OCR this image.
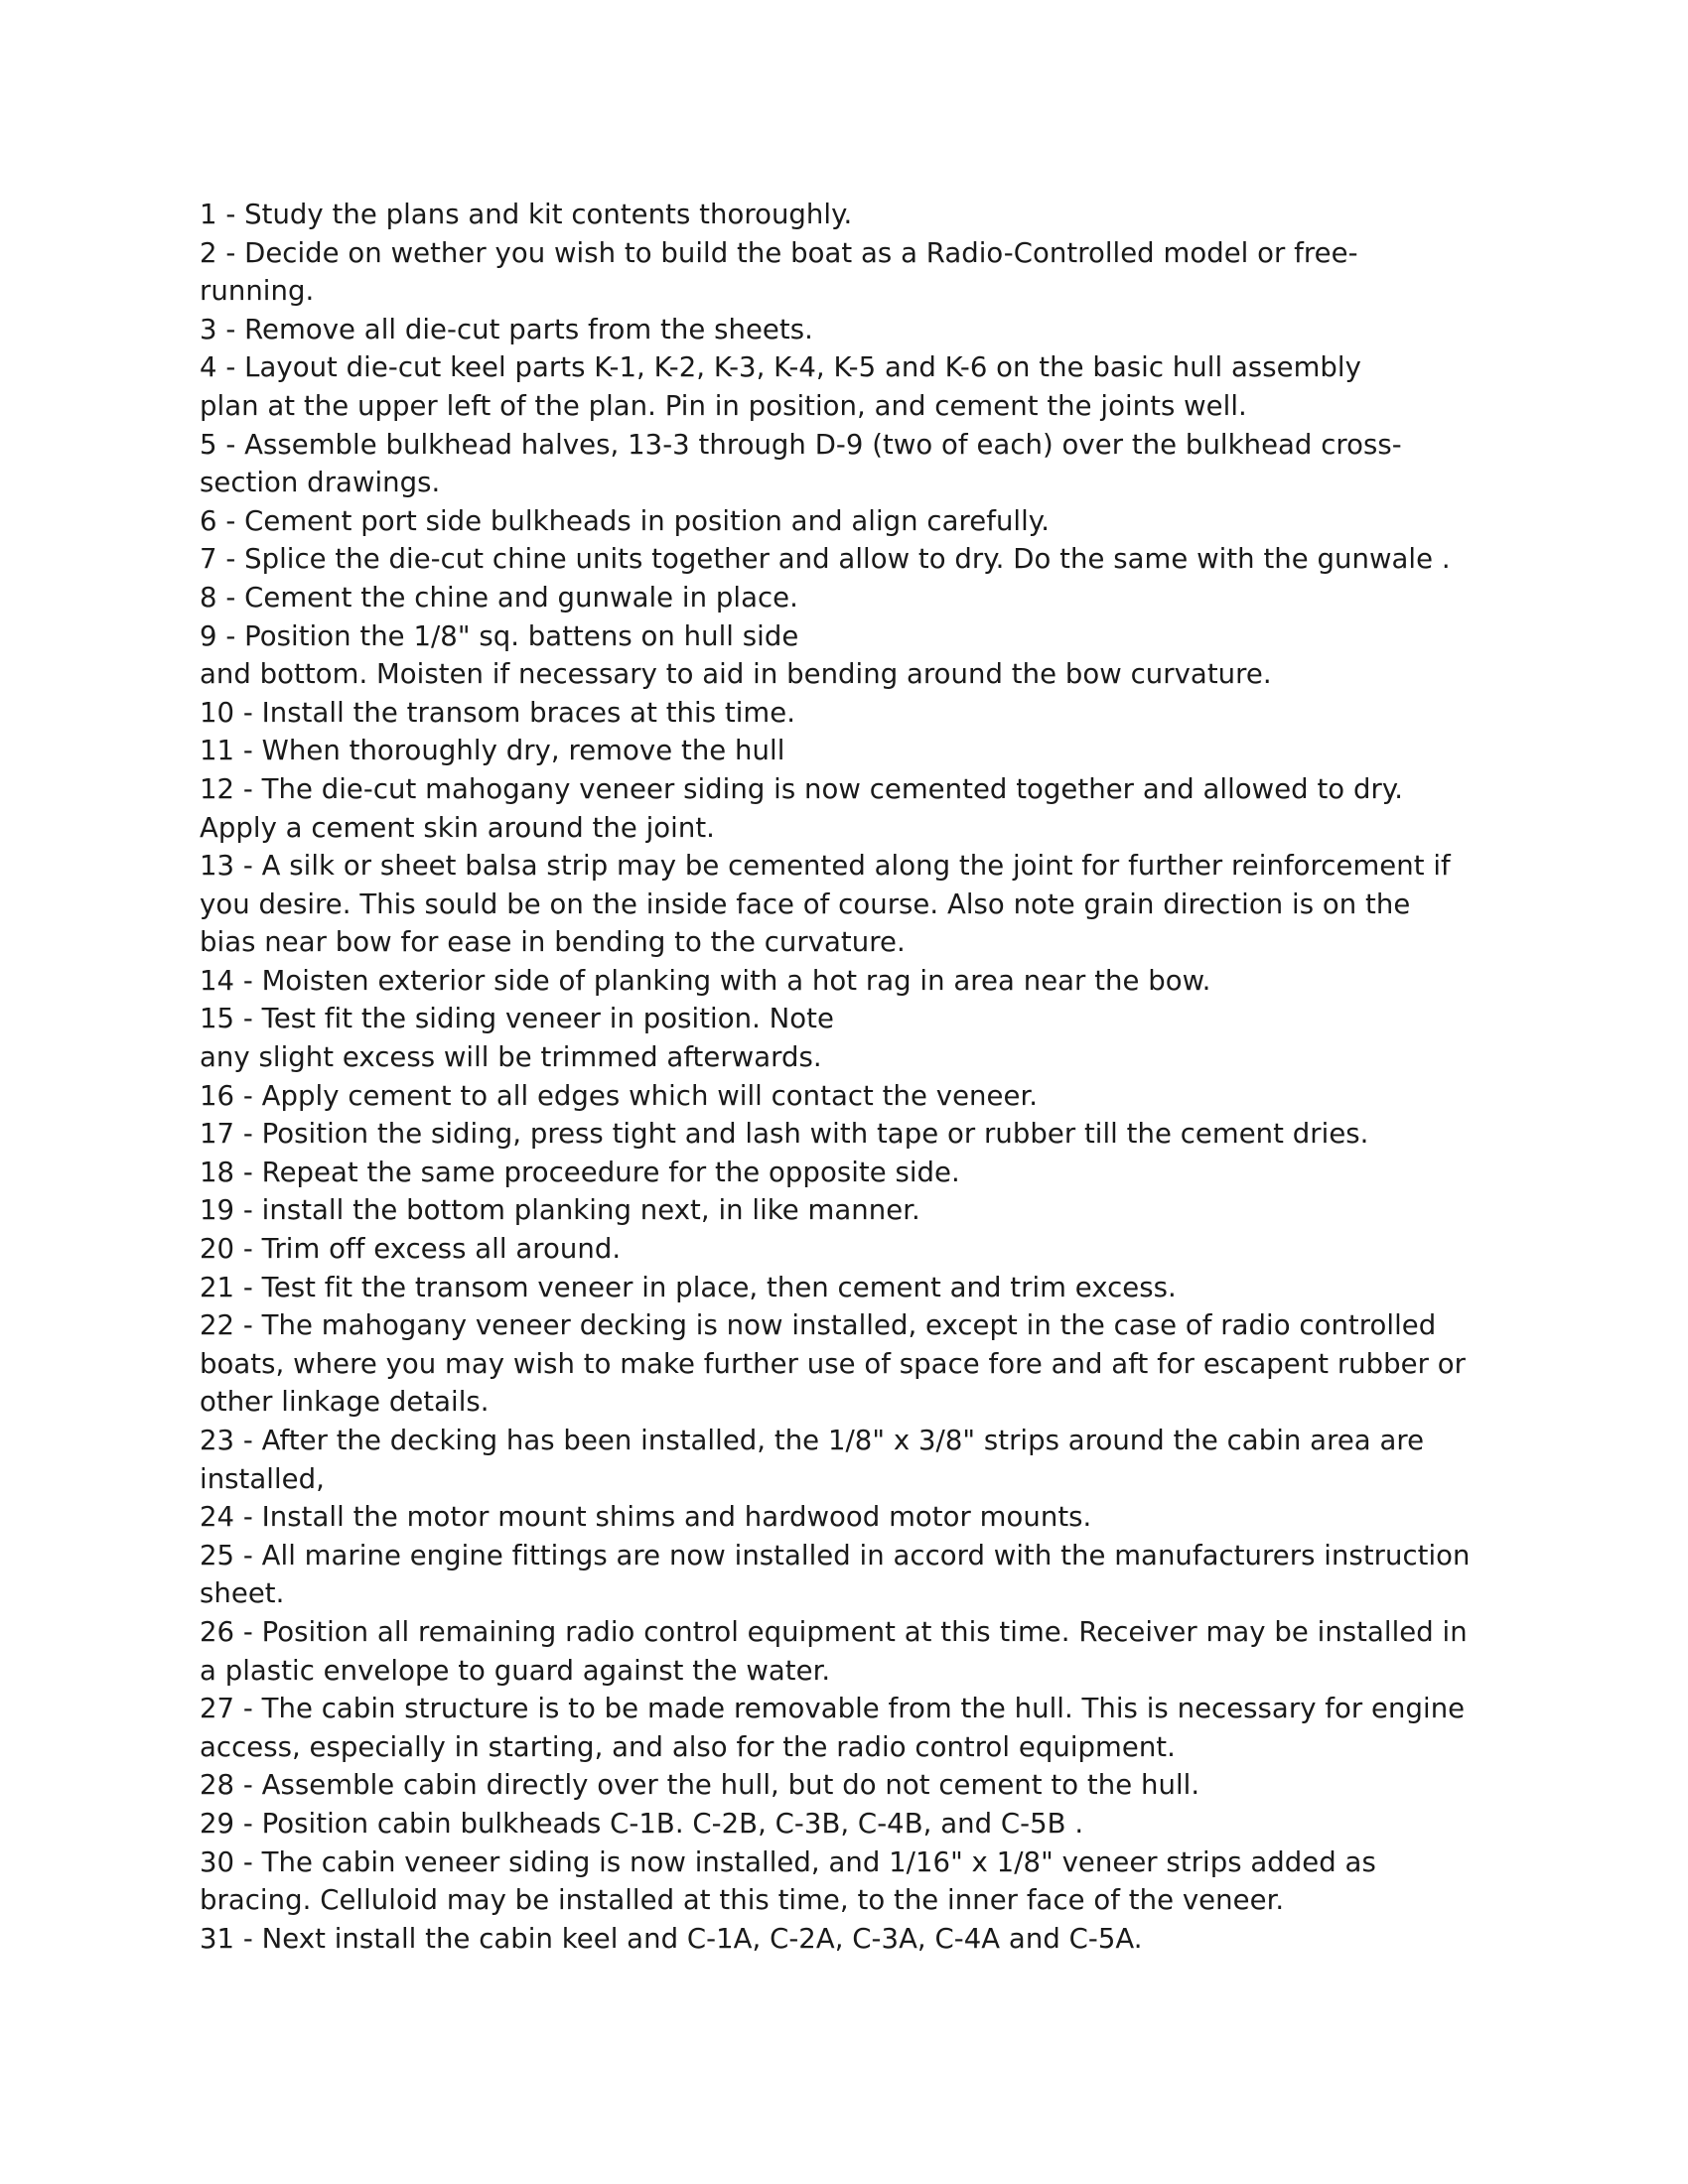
1 - Study the plans and kit contents thoroughly.
2 - Decide on wether you wish to build the boat as a Radio-Controlled model or free-
running.
3 - Remove all die-cut parts from the sheets.
4 - Layout die-cut keel parts K-1, K-2, K-3, K-4, K-5 and K-6 on the basic hull assembly
plan at the upper left of the plan. Pin in position, and cement the joints well.
5 - Assemble bulkhead halves, 13-3 through D-9 (two of each) over the bulkhead cross-
section drawings.
6 - Cement port side bulkheads in position and align carefully.
7 - Splice the die-cut chine units together and allow to dry. Do the same with the gunwale .
8 - Cement the chine and gunwale in place.
9 - Position the 1/8" sq. battens on hull side
and bottom. Moisten if necessary to aid in bending around the bow curvature.
10 - Install the transom braces at this time.
11 - When thoroughly dry, remove the hull
12 - The die-cut mahogany veneer siding is now cemented together and allowed to dry.
Apply a cement skin around the joint.
13 - A silk or sheet balsa strip may be cemented along the joint for further reinforcement if
you desire. This sould be on the inside face of course. Also note grain direction is on the
bias near bow for ease in bending to the curvature.
14 - Moisten exterior side of planking with a hot rag in area near the bow.
15 - Test fit the siding veneer in position. Note
any slight excess will be trimmed afterwards.
16 - Apply cement to all edges which will contact the veneer.
17 - Position the siding, press tight and lash with tape or rubber till the cement dries.
18 - Repeat the same proceedure for the opposite side.
19 - install the bottom planking next, in like manner.
20 - Trim off excess all around.
21 - Test fit the transom veneer in place, then cement and trim excess.
22 - The mahogany veneer decking is now installed, except in the case of radio controlled
boats, where you may wish to make further use of space fore and aft for escapent rubber or
other linkage details.
23 - After the decking has been installed, the 1/8" x 3/8" strips around the cabin area are
installed,
24 - Install the motor mount shims and hardwood motor mounts.
25 - All marine engine fittings are now installed in accord with the manufacturers instruction
sheet.
26 - Position all remaining radio control equipment at this time. Receiver may be installed in
a plastic envelope to guard against the water.
27 - The cabin structure is to be made removable from the hull. This is necessary for engine
access, especially in starting, and also for the radio control equipment.
28 - Assemble cabin directly over the hull, but do not cement to the hull.
29 - Position cabin bulkheads C-1B. C-2B, C-3B, C-4B, and C-5B .
30 - The cabin veneer siding is now installed, and 1/16" x 1/8" veneer strips added as
bracing. Celluloid may be installed at this time, to the inner face of the veneer.
31 - Next install the cabin keel and C-1A, C-2A, C-3A, C-4A and C-5A.
